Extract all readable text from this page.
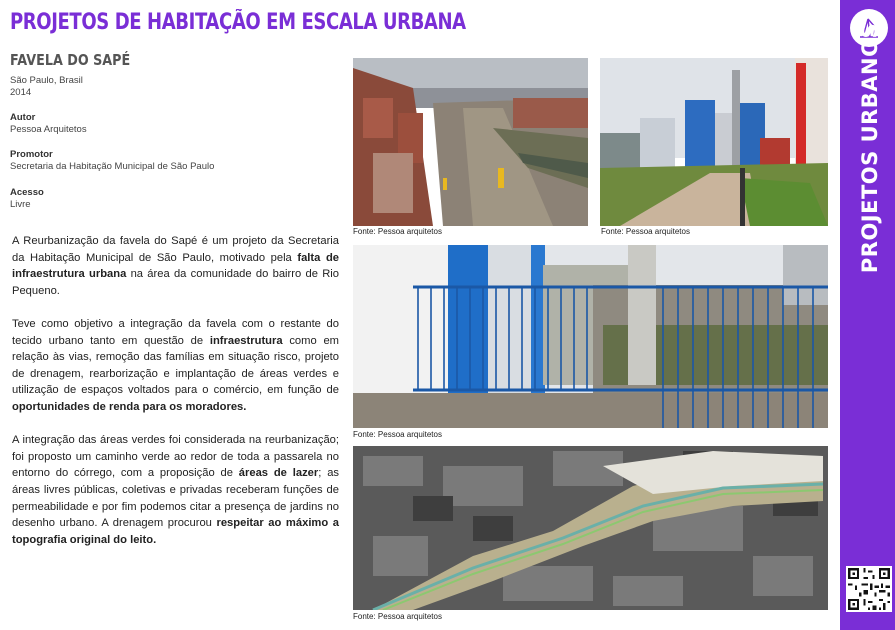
PROJETOS DE HABITAÇÃO EM ESCALA URBANA
FAVELA DO SAPÉ
São Paulo, Brasil
2014
Autor
Pessoa Arquitetos
Promotor
Secretaria da Habitação Municipal de São Paulo
Acesso
Livre

A Reurbanização da favela do Sapé é um projeto da Secretaria da Habitação Municipal de São Paulo, motivado pela falta de infraestrutura urbana na área da comunidade do bairro de Rio Pequeno.

Teve como objetivo a integração da favela com o restante do tecido urbano tanto em questão de infraestrutura como em relação às vias, remoção das famílias em situação risco, projeto de drenagem, rearborização e implantação de áreas verdes e utilização de espaços voltados para o comércio, em função de oportunidades de renda para os moradores.

A integração das áreas verdes foi considerada na reurbanização; foi proposto um caminho verde ao redor de toda a passarela no entorno do córrego, com a proposição de áreas de lazer; as áreas livres públicas, coletivas e privadas receberam funções de permeabilidade e por fim podemos citar a presença de jardins no desenho urbano. A drenagem procurou respeitar ao máximo a topografia original do leito.

Fonte: Pessoa arquitetos	Fonte: Pessoa arquitetos
Fonte: Pessoa arquitetos
Fonte: Pessoa arquitetos
PROJETOS URBANOS
